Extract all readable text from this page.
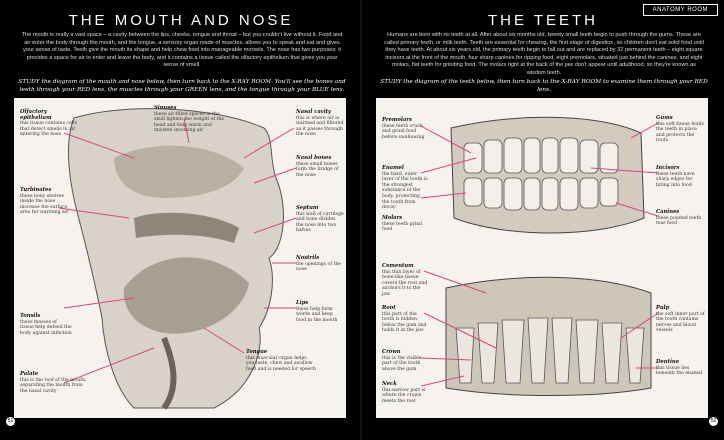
THE MOUTH AND NOSE
The mouth is really a vast space – a cavity between the lips, cheeks, tongue and throat – but you couldn't live without it. Food and air enter the body through the mouth, and the tongue, a sensory organ made of muscles, allows you to speak and eat and gives your sense of taste. Teeth give the mouth its shape and help chew food into manageable morsels. The nose has two purposes: it provides a space for air to enter and leave the body, and it contains a tissue called the olfactory epithelium that gives you your sense of smell.
STUDY the diagram of the mouth and nose below, then turn back to the X-RAY ROOM. You'll see the bones and teeth through your RED lens, the muscles through your GREEN lens, and the tongue through your BLUE lens.
Olfactory epithelium
this tissue contains cells that detect smells in air entering the nose
Sinuses
these air-filled spaces in the skull lighten the weight of the head and help warm and moisten incoming air
Nasal cavity
this is where air is warmed and filtered as it passes through the nose
Nasal bones
these small bones form the bridge of the nose
Turbinates
these bony shelves inside the nose increase the surface area for warming air
Septum
this wall of cartilage and bone divides the nose into two halves
Nostrils
the openings of the nose
Lips
these help form words and keep food in the mouth
Tonsils
these masses of tissue help defend the body against infection
Tongue
this muscular organ helps you taste, chew and swallow food and is needed for speech
Palate
this is the roof of the mouth, separating the mouth from the nasal cavity
51
ANATOMY ROOM
THE TEETH
Humans are born with no teeth at all. After about six months old, twenty small teeth begin to push through the gums. These are called primary teeth, or milk teeth. Teeth are essential for chewing, the first stage of digestion, so children don't eat solid food until they have teeth. At about six years old, the primary teeth begin to fall out and are replaced by 32 permanent teeth – eight square incisors at the front of the mouth, four sharp canines for ripping food, eight premolars, situated just behind the canines, and eight molars, flat teeth for grinding food. The molars right at the back of the jaw don't appear until adulthood, so they're known as wisdom teeth.
STUDY the diagram of the teeth below, then turn back to the X-RAY ROOM to examine them through your RED lens.
Premolars
these teeth crush and grind food before swallowing
Gums
this soft tissue holds the teeth in place and protects the roots
Enamel
the hard, outer layer of the tooth is the strongest substance in the body, protecting the tooth from decay
Incisors
these teeth have sharp edges for biting into food
Canines
these pointed teeth tear food
Molars
these teeth grind food
Cementum
this thin layer of bone-like tissue covers the root and anchors it to the jaw
Root
this part of the tooth is hidden below the gum and holds it in the jaw
Crown
this is the visible part of the tooth above the gum
Neck
this narrow part is where the crown meets the root
Pulp
the soft inner part of the tooth contains nerves and blood vessels
Dentine
this tissue lies beneath the enamel
52
